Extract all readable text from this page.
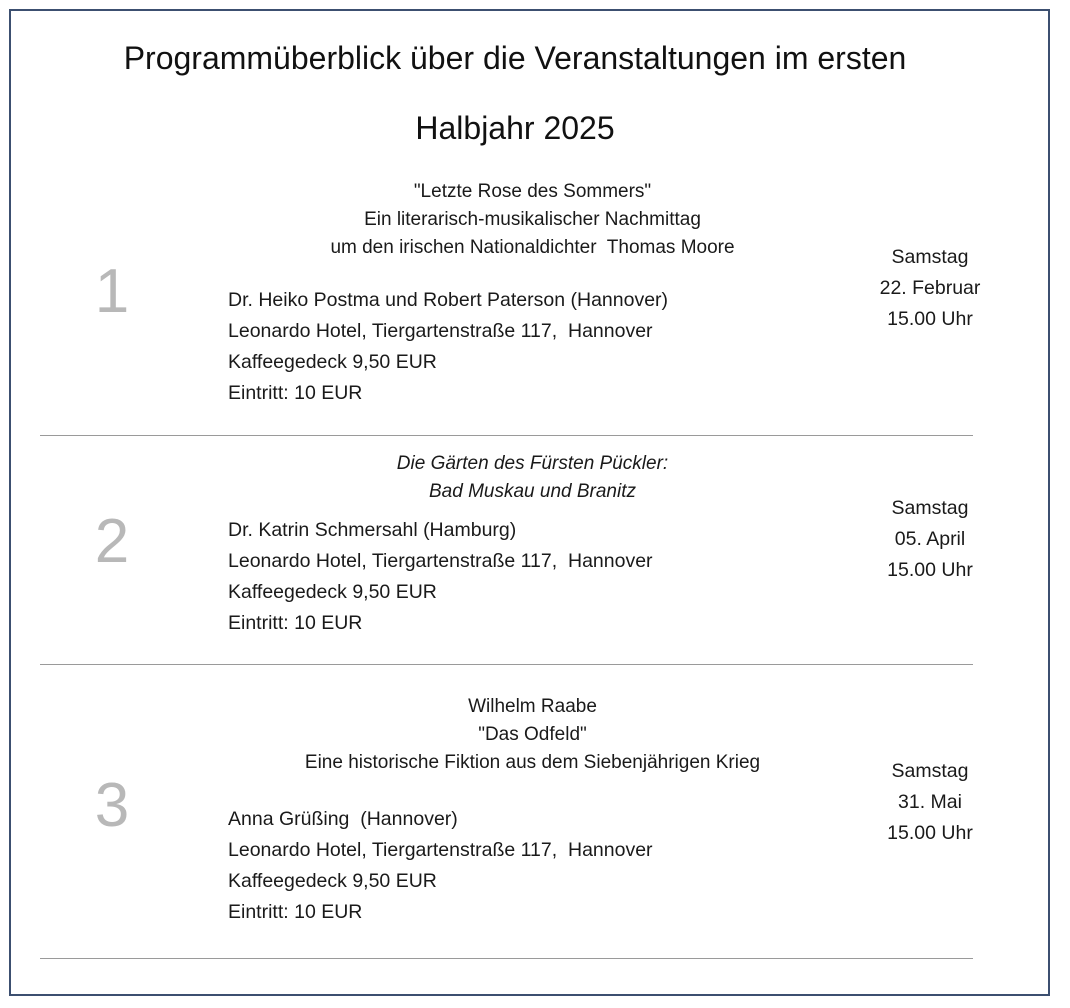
Programmüberblick über die Veranstaltungen im ersten
Halbjahr 2025
1
"Letzte Rose des Sommers"
Ein literarisch-musikalischer Nachmittag
um den irischen Nationaldichter  Thomas Moore
Dr. Heiko Postma und Robert Paterson (Hannover)
Leonardo Hotel, Tiergartenstraße 117,  Hannover
Kaffeegedeck 9,50 EUR
Eintritt: 10 EUR
Samstag
22. Februar
15.00 Uhr
2
Die Gärten des Fürsten Pückler:
Bad Muskau und Branitz
Dr. Katrin Schmersahl (Hamburg)
Leonardo Hotel, Tiergartenstraße 117,  Hannover
Kaffeegedeck 9,50 EUR
Eintritt: 10 EUR
Samstag
05. April
15.00 Uhr
3
Wilhelm Raabe
"Das Odfeld"
Eine historische Fiktion aus dem Siebenjährigen Krieg
Anna Grüßing  (Hannover)
Leonardo Hotel, Tiergartenstraße 117,  Hannover
Kaffeegedeck 9,50 EUR
Eintritt: 10 EUR
Samstag
31. Mai
15.00 Uhr
